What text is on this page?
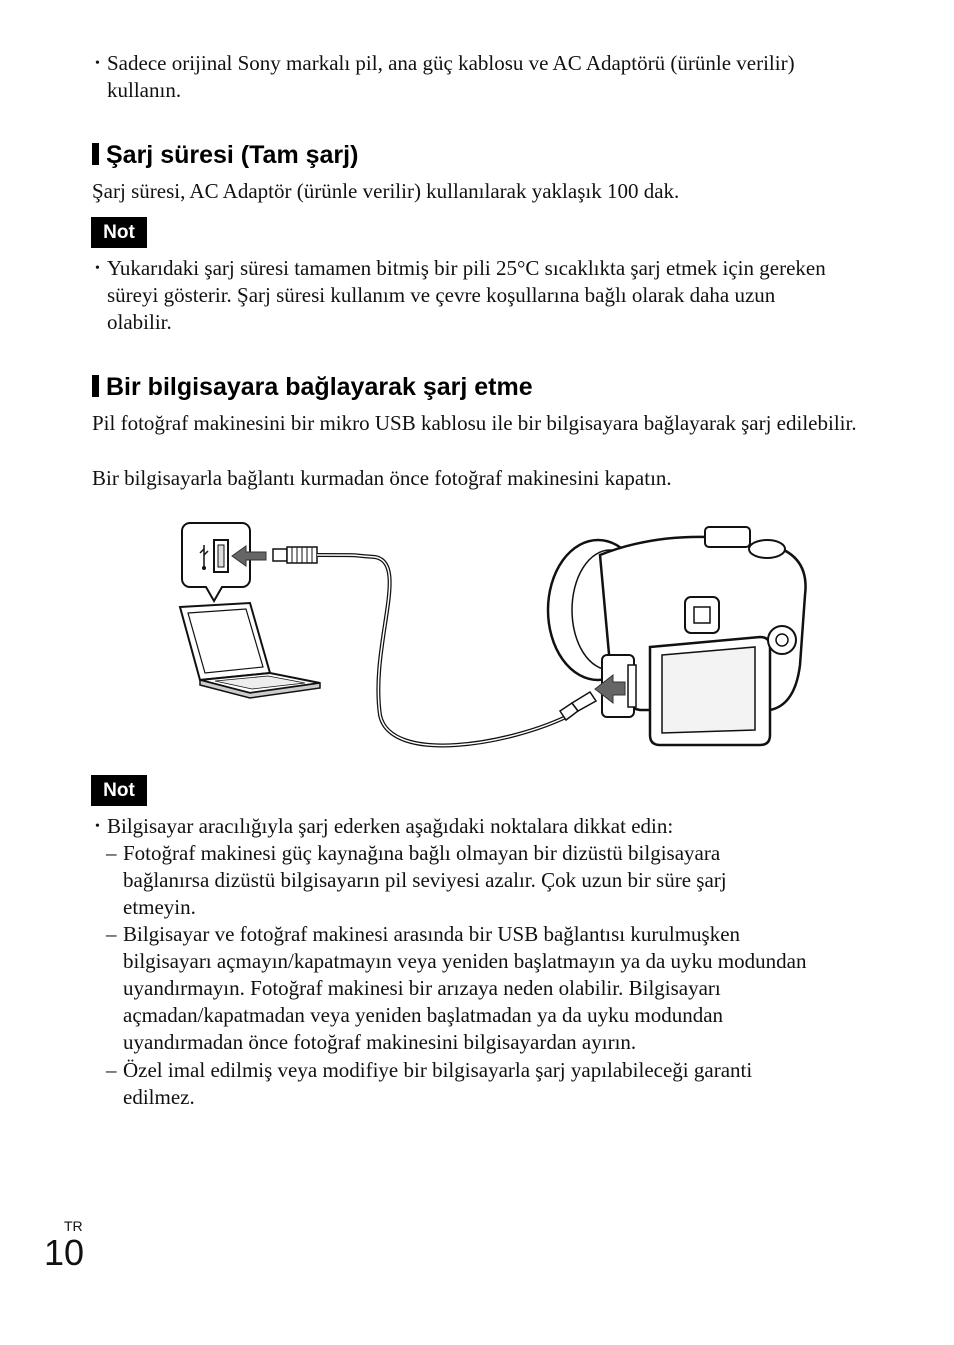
• Sadece orijinal Sony markalı pil, ana güç kablosu ve AC Adaptörü (ürünle verilir) kullanın.
Şarj süresi (Tam şarj)
Şarj süresi, AC Adaptör (ürünle verilir) kullanılarak yaklaşık 100 dak.
Not
• Yukarıdaki şarj süresi tamamen bitmiş bir pili 25°C sıcaklıkta şarj etmek için gereken süreyi gösterir. Şarj süresi kullanım ve çevre koşullarına bağlı olarak daha uzun olabilir.
Bir bilgisayara bağlayarak şarj etme
Pil fotoğraf makinesini bir mikro USB kablosu ile bir bilgisayara bağlayarak şarj edilebilir.
Bir bilgisayarla bağlantı kurmadan önce fotoğraf makinesini kapatın.
Not
• Bilgisayar aracılığıyla şarj ederken aşağıdaki noktalara dikkat edin:
– Fotoğraf makinesi güç kaynağına bağlı olmayan bir dizüstü bilgisayara bağlanırsa dizüstü bilgisayarın pil seviyesi azalır. Çok uzun bir süre şarj etmeyin.
– Bilgisayar ve fotoğraf makinesi arasında bir USB bağlantısı kurulmuşken bilgisayarı açmayın/kapatmayın veya yeniden başlatmayın ya da uyku modundan uyandırmayın. Fotoğraf makinesi bir arızaya neden olabilir. Bilgisayarı açmadan/kapatmadan veya yeniden başlatmadan ya da uyku modundan uyandırmadan önce fotoğraf makinesini bilgisayardan ayırın.
– Özel imal edilmiş veya modifiye bir bilgisayarla şarj yapılabileceği garanti edilmez.
TR
10
